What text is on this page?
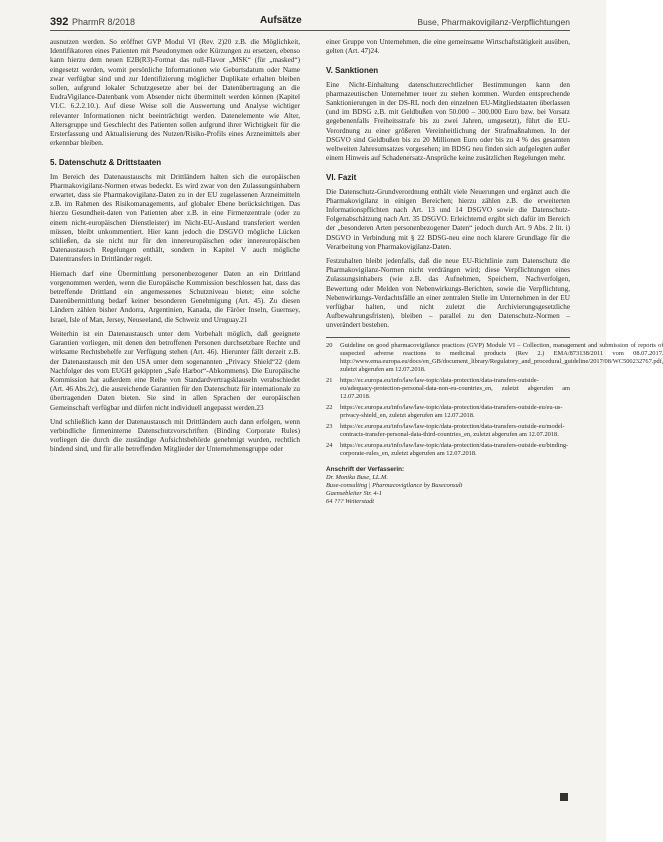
392 PharmR 8/2018	Aufsätze	Buse, Pharmakovigilanz-Verpflichtungen

ausnutzen werden. So eröffnet GVP Modul VI (Rev. 2)20 z.B. die Möglichkeit, Identifikatoren eines Patienten mit Pseudonymen oder Kürzungen zu ersetzen, ebenso kann hierzu dem neuen E2B(R3)-Format das null-Flavor „MSK“ (für „masked“) eingesetzt werden, womit persönliche Informationen wie Geburtsdatum oder Name zwar verfügbar sind und zur Identifizierung möglicher Duplikate erhalten bleiben sollen, aufgrund lokaler Schutzgesetze aber bei der Datenübertragung an die EudraVigilance-Datenbank vom Absender nicht übermittelt werden können (Kapitel VI.C. 6.2.2.10.). Auf diese Weise soll die Auswertung und Analyse wichtiger relevanter Informationen nicht beeinträchtigt werden. Datenelemente wie Alter, Altersgruppe und Geschlecht des Patienten sollen aufgrund ihrer Wichtigkeit für die Ersterfassung und Aktualisierung des Nutzen/Risiko-Profils eines Arzneimittels aber erkennbar bleiben.

5. Datenschutz & Drittstaaten

Im Bereich des Datenaustauschs mit Drittländern halten sich die europäischen Pharmakovigilanz-Normen etwas bedeckt. Es wird zwar von den Zulassungsinhabern erwartet, dass sie Pharmakovigilanz-Daten zu in der EU zugelassenen Arzneimitteln z.B. im Rahmen des Risikomanagements, auf globaler Ebene berücksichtigen. Das hierzu Gesundheit-daten von Patienten aber z.B. in eine Firmenzentrale (oder zu einem nicht-europäischen Dienstleister) im Nicht-EU-Ausland transferiert werden müssen, bleibt unkommentiert. Hier kann jedoch die DSGVO mögliche Lücken schließen, da sie nicht nur für den innereuropäischen oder innereuropäischen Datenaustausch Regelungen enthält, sondern in Kapitel V auch mögliche Datentransfers in Drittländer regelt.

Hiernach darf eine Übermittlung personenbezogener Daten an ein Drittland vorgenommen werden, wenn die Europäische Kommission beschlossen hat, dass das betreffende Drittland ein angemessenes Schutzniveau bietet; eine solche Datenübermittlung bedarf keiner besonderen Genehmigung (Art. 45). Zu diesen Ländern zählen bisher Andorra, Argentinien, Kanada, die Färöer Inseln, Guernsey, Israel, Isle of Man, Jersey, Neuseeland, die Schweiz und Uruguay.21

Weiterhin ist ein Datenaustausch unter dem Vorbehalt möglich, daß geeignete Garantien vorliegen, mit denen den betroffenen Personen durchsetzbare Rechte und wirksame Rechtsbehelfe zur Verfügung stehen (Art. 46). Hierunter fällt derzeit z.B. der Datenaustausch mit den USA unter dem sogenannten „Privacy Shield“22 (dem Nachfolger des vom EUGH gekippten „Safe Harbor“-Abkommens). Die Europäische Kommission hat außerdem eine Reihe von Standardvertragsklauseln verabschiedet (Art. 46 Abs.2c), die ausreichende Garantien für den Datenschutz für internationale zu übertragenden Daten bieten. Sie sind in allen Sprachen der europäischen Gemeinschaft verfügbar und dürfen nicht individuell angepasst werden.23

Und schließlich kann der Datenaustausch mit Drittländern auch dann erfolgen, wenn verbindliche firmeninterne Datenschutzvorschriften (Binding Corporate Rules) vorliegen die durch die zuständige Aufsichtsbehörde genehmigt wurden, rechtlich bindend sind, und für alle betreffenden Mitglieder der Unternehmensgruppe oder

einer Gruppe von Unternehmen, die eine gemeinsame Wirtschaftstätigkeit ausüben, gelten (Art. 47)24.

V. Sanktionen

Eine Nicht-Einhaltung datenschutzrechtlicher Bestimmungen kann den pharmazeutischen Unternehmer teuer zu stehen kommen. Wurden entsprechende Sanktionierungen in der DS-RL noch den einzelnen EU-Mitgliedstaaten überlassen (und im BDSG z.B. mit Geldbußen von 50.000 – 300.000 Euro bzw. bei Vorsatz gegebenenfalls Freiheitsstrafe bis zu zwei Jahren, umgesetzt), führt die EU-Verordnung zu einer größeren Vereinheitlichung der Strafmaßnahmen. In der DSGVO sind Geldbußen bis zu 20 Millionen Euro oder bis zu 4 % des gesamten weltweiten Jahresumsatzes vorgesehen; im BDSG neu finden sich aufgelegten außer einem Hinweis auf Schadenersatz-Ansprüche keine zusätzlichen Regelungen mehr.

VI. Fazit

Die Datenschutz-Grundverordnung enthält viele Neuerungen und ergänzt auch die Pharmakovigilanz in einigen Bereichen; hierzu zählen z.B. die erweiterten Informationspflichten nach Art. 13 und 14 DSGVO sowie die Datenschutz-Folgenabschätzung nach Art. 35 DSGVO. Erleichternd ergibt sich dafür im Bereich der „besonderen Arten personenbezogener Daten“ jedoch durch Art. 9 Abs. 2 lit. i) DSGVO in Verbindung mit § 22 BDSG-neu eine noch klarere Grundlage für die Verarbeitung von Pharmakovigilanz-Daten.

Festzuhalten bleibt jedenfalls, daß die neue EU-Richtlinie zum Datenschutz die Pharmakovigilanz-Normen nicht verdrängen wird; diese Verpflichtungen eines Zulassungsinhabers (wie z.B. das Aufnehmen, Speichern, Nachverfolgen, Bewertung oder Melden von Nebenwirkungs-Berichten, sowie die Verpflichtung, Nebenwirkungs-Verdachtsfälle an einer zentralen Stelle im Unternehmen in der EU verfügbar halten, und nicht zuletzt die Archivierungsgesetzliche Aufbewahrungsfristen), bleiben – parallel zu den Datenschutz-Normen – unverändert bestehen.

20	Guideline on good pharmacovigilance practices (GVP) Module VI – Collection, management and submission of reports of suspected adverse reactions to medicinal products (Rev 2.) EMA/873138/2011 vom 08.07.2017. http://www.ema.europa.eu/docs/en_GB/document_library/Regulatory_and_procedural_guideline/2017/08/WC500232767.pdf, zuletzt abgerufen am 12.07.2018.
21	https://ec.europa.eu/info/law/law-topic/data-protection/data-transfers-outside-eu/adequacy-protection-personal-data-non-eu-countries_en, zuletzt abgerufen am 12.07.2018.
22	https://ec.europa.eu/info/law/law-topic/data-protection/data-transfers-outside-eu/eu-us-privacy-shield_en, zuletzt abgerufen am 12.07.2018.
23	https://ec.europa.eu/info/law/law-topic/data-protection/data-transfers-outside-eu/model-contracts-transfer-personal-data-third-countries_en, zuletzt abgerufen am 12.07.2018.
24	https://ec.europa.eu/info/law/law-topic/data-protection/data-transfers-outside-eu/binding-corporate-rules_en, zuletzt abgerufen am 12.07.2018.
Anschrift der Verfasserin:
Dr. Monika Buse, LL.M.
Buse-consulting | Pharmacovigilance by Buseconsult
Gaensebleiter Str. 4-1
64 ??? Weiterstadt
